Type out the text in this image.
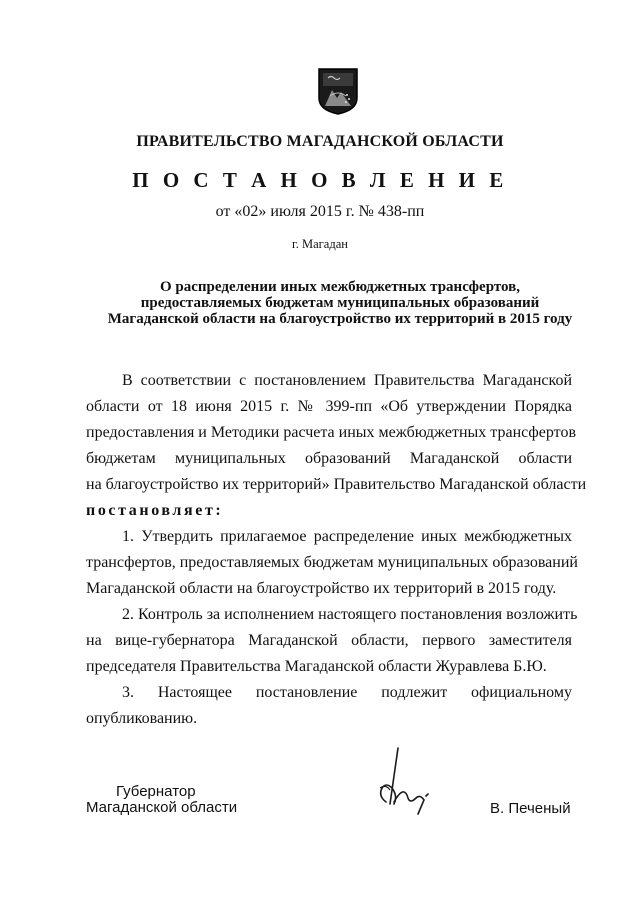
ПРАВИТЕЛЬСТВО МАГАДАНСКОЙ ОБЛАСТИ
П О С Т А Н О В Л Е Н И Е
от «02» июля 2015 г. № 438-пп
г. Магадан
О распределении иных межбюджетных трансфертов,
предоставляемых бюджетам муниципальных образований
Магаданской области на благоустройство их территорий в 2015 году
В соответствии с постановлением Правительства Магаданской
области от 18 июня 2015 г. № 399-пп «Об утверждении Порядка
предоставления и Методики расчета иных межбюджетных трансфертов
бюджетам муниципальных образований Магаданской области
на благоустройство их территорий» Правительство Магаданской области
постановляет:
1. Утвердить прилагаемое распределение иных межбюджетных
трансфертов, предоставляемых бюджетам муниципальных образований
Магаданской области на благоустройство их территорий в 2015 году.
2. Контроль за исполнением настоящего постановления возложить
на вице-губернатора Магаданской области, первого заместителя
председателя Правительства Магаданской области Журавлева Б.Ю.
3. Настоящее постановление подлежит официальному
опубликованию.
Губернатор
Магаданской области	В. Печеный
